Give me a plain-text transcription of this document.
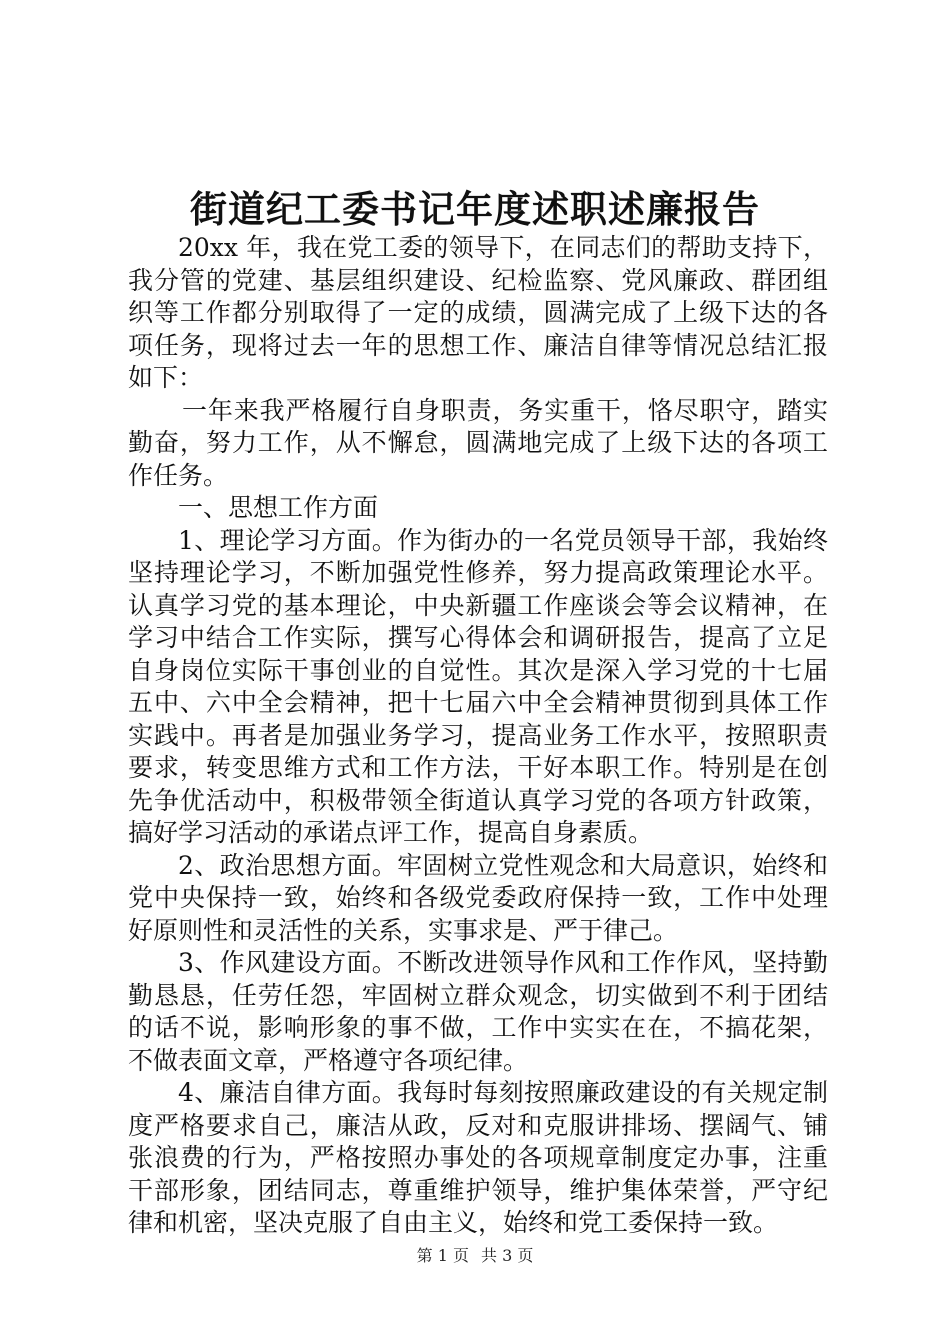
街道纪工委书记年度述职述廉报告
20xx 年，我在党工委的领导下，在同志们的帮助支持下，
我分管的党建、基层组织建设、纪检监察、党风廉政、群团组
织等工作都分别取得了一定的成绩，圆满完成了上级下达的各
项任务，现将过去一年的思想工作、廉洁自律等情况总结汇报
如下：
一年来我严格履行自身职责，务实重干，恪尽职守，踏实
勤奋，努力工作，从不懈怠，圆满地完成了上级下达的各项工
作任务。
一、思想工作方面
1、理论学习方面。作为街办的一名党员领导干部，我始终
坚持理论学习，不断加强党性修养，努力提高政策理论水平。
认真学习党的基本理论，中央新疆工作座谈会等会议精神，在
学习中结合工作实际，撰写心得体会和调研报告，提高了立足
自身岗位实际干事创业的自觉性。其次是深入学习党的十七届
五中、六中全会精神，把十七届六中全会精神贯彻到具体工作
实践中。再者是加强业务学习，提高业务工作水平，按照职责
要求，转变思维方式和工作方法，干好本职工作。特别是在创
先争优活动中，积极带领全街道认真学习党的各项方针政策，
搞好学习活动的承诺点评工作，提高自身素质。
2、政治思想方面。牢固树立党性观念和大局意识，始终和
党中央保持一致，始终和各级党委政府保持一致，工作中处理
好原则性和灵活性的关系，实事求是、严于律己。
3、作风建设方面。不断改进领导作风和工作作风，坚持勤
勤恳恳，任劳任怨，牢固树立群众观念，切实做到不利于团结
的话不说，影响形象的事不做，工作中实实在在，不搞花架，
不做表面文章，严格遵守各项纪律。
4、廉洁自律方面。我每时每刻按照廉政建设的有关规定制
度严格要求自己，廉洁从政，反对和克服讲排场、摆阔气、铺
张浪费的行为，严格按照办事处的各项规章制度定办事，注重
干部形象，团结同志，尊重维护领导，维护集体荣誉，严守纪
律和机密，坚决克服了自由主义，始终和党工委保持一致。
第 1 页 共 3 页
